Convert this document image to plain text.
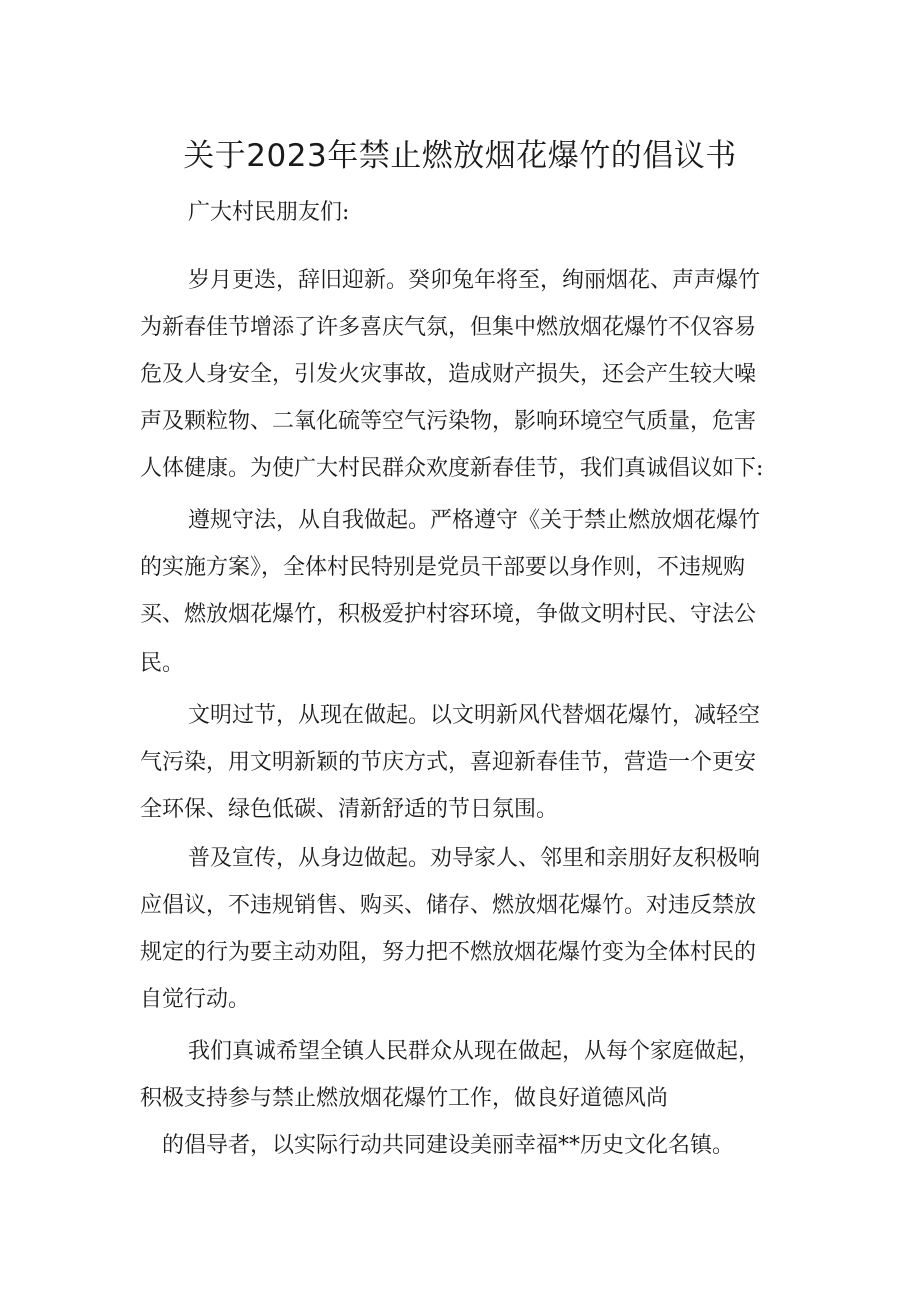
关于2023年禁止燃放烟花爆竹的倡议书

广大村民朋友们:

岁月更迭，辞旧迎新。癸卯兔年将至，绚丽烟花、声声爆竹

为新春佳节增添了许多喜庆气氛，但集中燃放烟花爆竹不仅容易

危及人身安全，引发火灾事故，造成财产损失，还会产生较大噪

声及颗粒物、二氧化硫等空气污染物，影响环境空气质量，危害

人体健康。为使广大村民群众欢度新春佳节，我们真诚倡议如下:

遵规守法，从自我做起。严格遵守《关于禁止燃放烟花爆竹

的实施方案》，全体村民特别是党员干部要以身作则，不违规购

买、燃放烟花爆竹，积极爱护村容环境，争做文明村民、守法公

民。

文明过节，从现在做起。以文明新风代替烟花爆竹，减轻空

气污染，用文明新颖的节庆方式，喜迎新春佳节，营造一个更安

全环保、绿色低碳、清新舒适的节日氛围。

普及宣传，从身边做起。劝导家人、邻里和亲朋好友积极响

应倡议，不违规销售、购买、储存、燃放烟花爆竹。对违反禁放

规定的行为要主动劝阻，努力把不燃放烟花爆竹变为全体村民的

自觉行动。

我们真诚希望全镇人民群众从现在做起，从每个家庭做起，

积极支持参与禁止燃放烟花爆竹工作，做良好道德风尚

的倡导者，以实际行动共同建设美丽幸福**历史文化名镇。
